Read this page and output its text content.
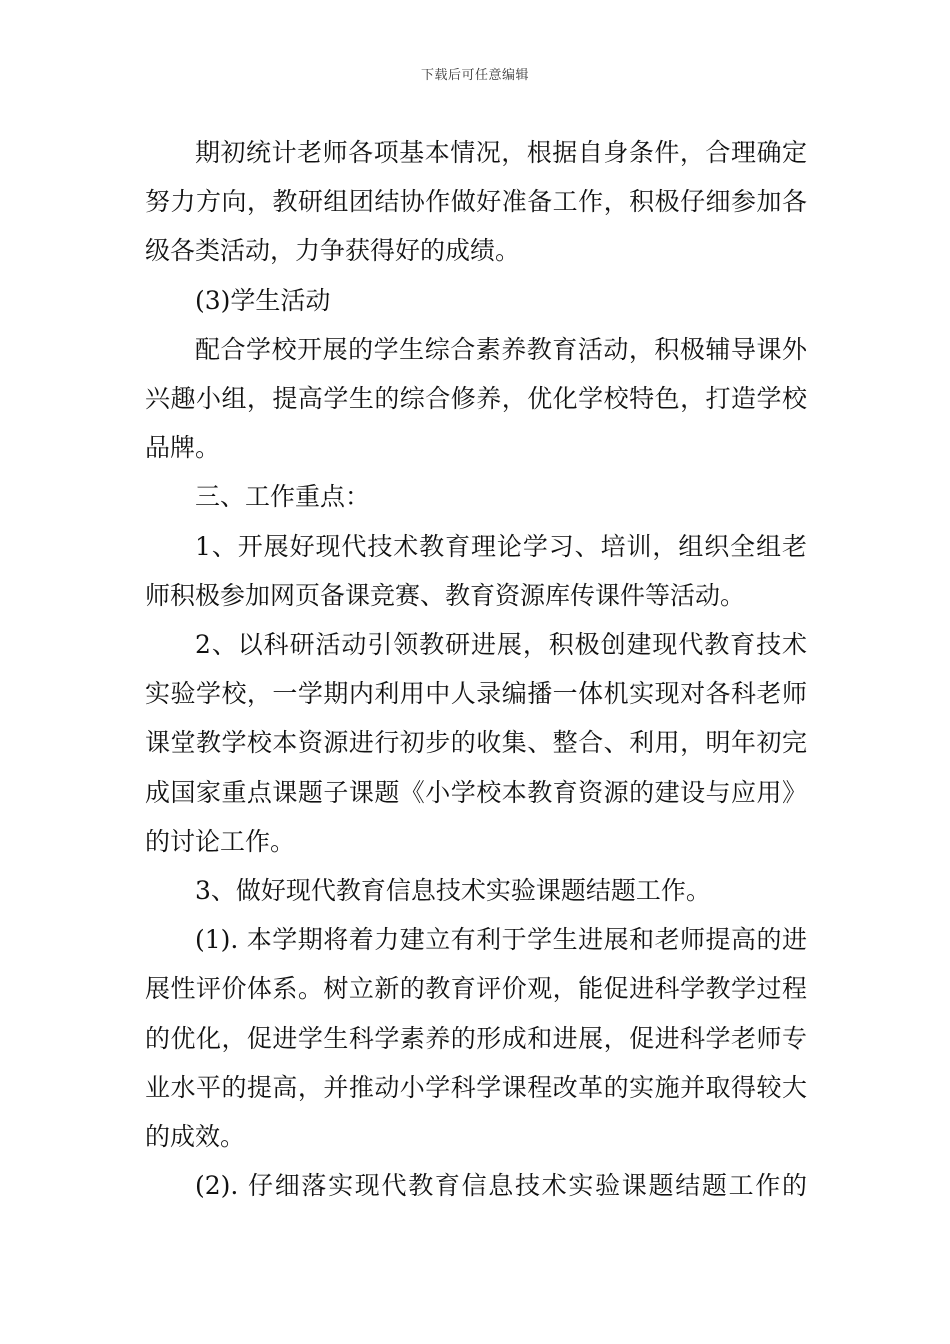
下载后可任意编辑

期初统计老师各项基本情况，根据自身条件，合理确定努力方向，教研组团结协作做好准备工作，积极仔细参加各级各类活动，力争获得好的成绩。

(3)学生活动

配合学校开展的学生综合素养教育活动，积极辅导课外兴趣小组，提高学生的综合修养，优化学校特色，打造学校品牌。

三、工作重点：

1、开展好现代技术教育理论学习、培训，组织全组老师积极参加网页备课竞赛、教育资源库传课件等活动。

2、以科研活动引领教研进展，积极创建现代教育技术实验学校，一学期内利用中人录编播一体机实现对各科老师课堂教学校本资源进行初步的收集、整合、利用，明年初完成国家重点课题子课题《小学校本教育资源的建设与应用》的讨论工作。

3、做好现代教育信息技术实验课题结题工作。

(1). 本学期将着力建立有利于学生进展和老师提高的进展性评价体系。树立新的教育评价观，能促进科学教学过程的优化，促进学生科学素养的形成和进展，促进科学老师专业水平的提高，并推动小学科学课程改革的实施并取得较大的成效。

(2). 仔细落实现代教育信息技术实验课题结题工作的
